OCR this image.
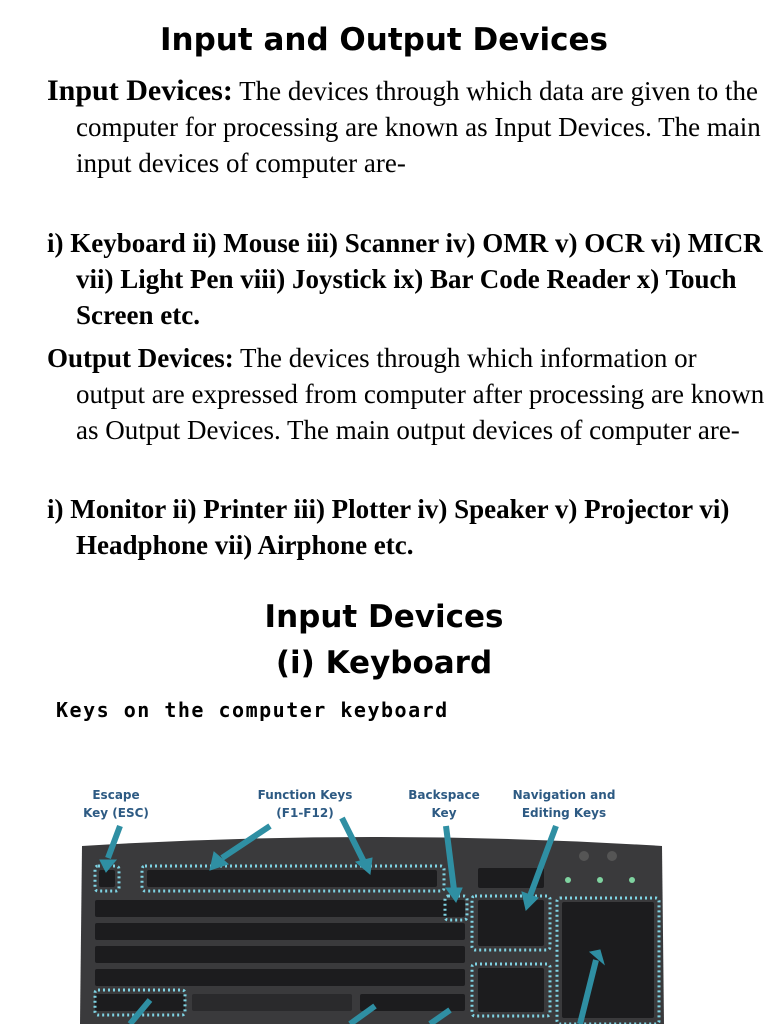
Input and Output Devices
Input Devices: The devices through which data are given to the computer for processing are known as Input Devices. The main input devices of computer are-
i) Keyboard ii) Mouse iii) Scanner iv) OMR v) OCR vi) MICR vii) Light Pen viii) Joystick ix) Bar Code Reader x) Touch Screen etc.
Output Devices: The devices through which information or output are expressed from computer after processing are known as Output Devices. The main output devices of computer are-
i) Monitor ii) Printer iii) Plotter iv) Speaker v) Projector vi) Headphone vii) Airphone etc.
Input Devices
(i) Keyboard
Keys on the computer keyboard
Escape
Key (ESC)
Function Keys
(F1-F12)
Backspace
Key
Navigation and
Editing Keys
